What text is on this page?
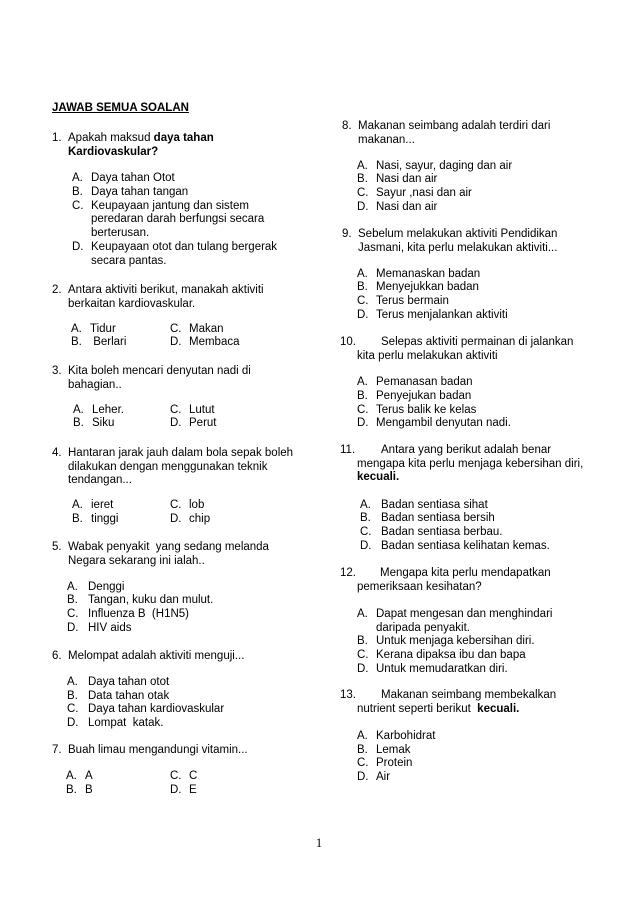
JAWAB SEMUA SOALAN
1. Apakah maksud daya tahan
Kardiovaskular?
A. Daya tahan Otot
B. Daya tahan tangan
C. Keupayaan jantung dan sistem
peredaran darah berfungsi secara
berterusan.
D. Keupayaan otot dan tulang bergerak
secara pantas.
2. Antara aktiviti berikut, manakah aktiviti
berkaitan kardiovaskular.
A. Tidur
B. Berlari
C. Makan
D. Membaca
3. Kita boleh mencari denyutan nadi di
bahagian..
A. Leher.
B. Siku
C. Lutut
D. Perut
4. Hantaran jarak jauh dalam bola sepak boleh
dilakukan dengan menggunakan teknik
tendangan...
A. ieret
B. tinggi
C. lob
D. chip
5. Wabak penyakit  yang sedang melanda
Negara sekarang ini ialah..
A. Denggi
B. Tangan, kuku dan mulut.
C. Influenza B  (H1N5)
D. HIV aids
6. Melompat adalah aktiviti menguji...
A. Daya tahan otot
B. Data tahan otak
C. Daya tahan kardiovaskular
D. Lompat  katak.
7. Buah limau mengandungi vitamin...
A. A
B. B
C. C
D. E
8. Makanan seimbang adalah terdiri dari
makanan...
A. Nasi, sayur, daging dan air
B. Nasi dan air
C. Sayur ,nasi dan air
D. Nasi dan air
9. Sebelum melakukan aktiviti Pendidikan
Jasmani, kita perlu melakukan aktiviti...
A. Memanaskan badan
B. Menyejukkan badan
C. Terus bermain
D. Terus menjalankan aktiviti
10. Selepas aktiviti permainan di jalankan
kita perlu melakukan aktiviti
A. Pemanasan badan
B. Penyejukan badan
C. Terus balik ke kelas
D. Mengambil denyutan nadi.
11. Antara yang berikut adalah benar
mengapa kita perlu menjaga kebersihan diri,
kecuali.
A. Badan sentiasa sihat
B. Badan sentiasa bersih
C. Badan sentiasa berbau.
D. Badan sentiasa kelihatan kemas.
12. Mengapa kita perlu mendapatkan
pemeriksaan kesihatan?
A. Dapat mengesan dan menghindari
daripada penyakit.
B. Untuk menjaga kebersihan diri.
C. Kerana dipaksa ibu dan bapa
D. Untuk memudaratkan diri.
13. Makanan seimbang membekalkan
nutrient seperti berikut  kecuali.
A. Karbohidrat
B. Lemak
C. Protein
D. Air
1
